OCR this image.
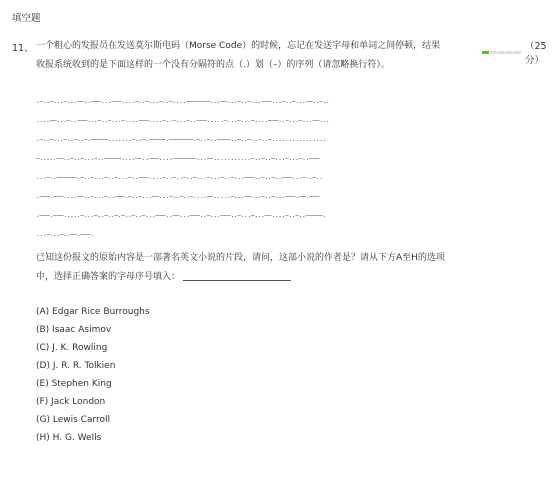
填空题
11、 一个粗心的发报员在发送莫尔斯电码（Morse Code）的时候，忘记在发送字母和单词之间停顿，结果收报系统收到的是下面这样的一个没有分隔符的点（.）划（–）的序列（请忽略换行符）。
（25分）
.–..–...–...––..–––...–––....–..–...–..–....–––––––...––...–..–...–––...–..–...––..–..
....––...–..–––...–..–...–....–––....–..–...–..–––.....–...–...–....–––..–...–...––...
.–..–...–..–..–.–––––.......–..–.–––––.–––––––.–..–..––––..–..–..–..–................
–.....––..–..–...–..–––––....––..–––....–––––––...––...........–..–..–...–...–..–––
...–..––––––.–..–...–..–...–..–––....–..–..–..–...–...–..–...–––..–..–..–––...–..–..
.–––.–––....––..–...–..–––.–..–...––...–..–..–....––.....–...––...–..–...–––.––.–––
.–––.–––.....–...–..–..–.–..–..–...–––..––...–––..–...–––..–...–...––....–..–..–––––.
...–...–..––.–––.
已知这份报文的原始内容是一部著名英文小说的片段，请问，这部小说的作者是？请从下方A至H的选项中，选择正确答案的字母序号填入：
(A) Edgar Rice Burroughs
(B) Isaac Asimov
(C) J. K. Rowling
(D) J. R. R. Tolkien
(E) Stephen King
(F) Jack London
(G) Lewis Carroll
(H) H. G. Wells
